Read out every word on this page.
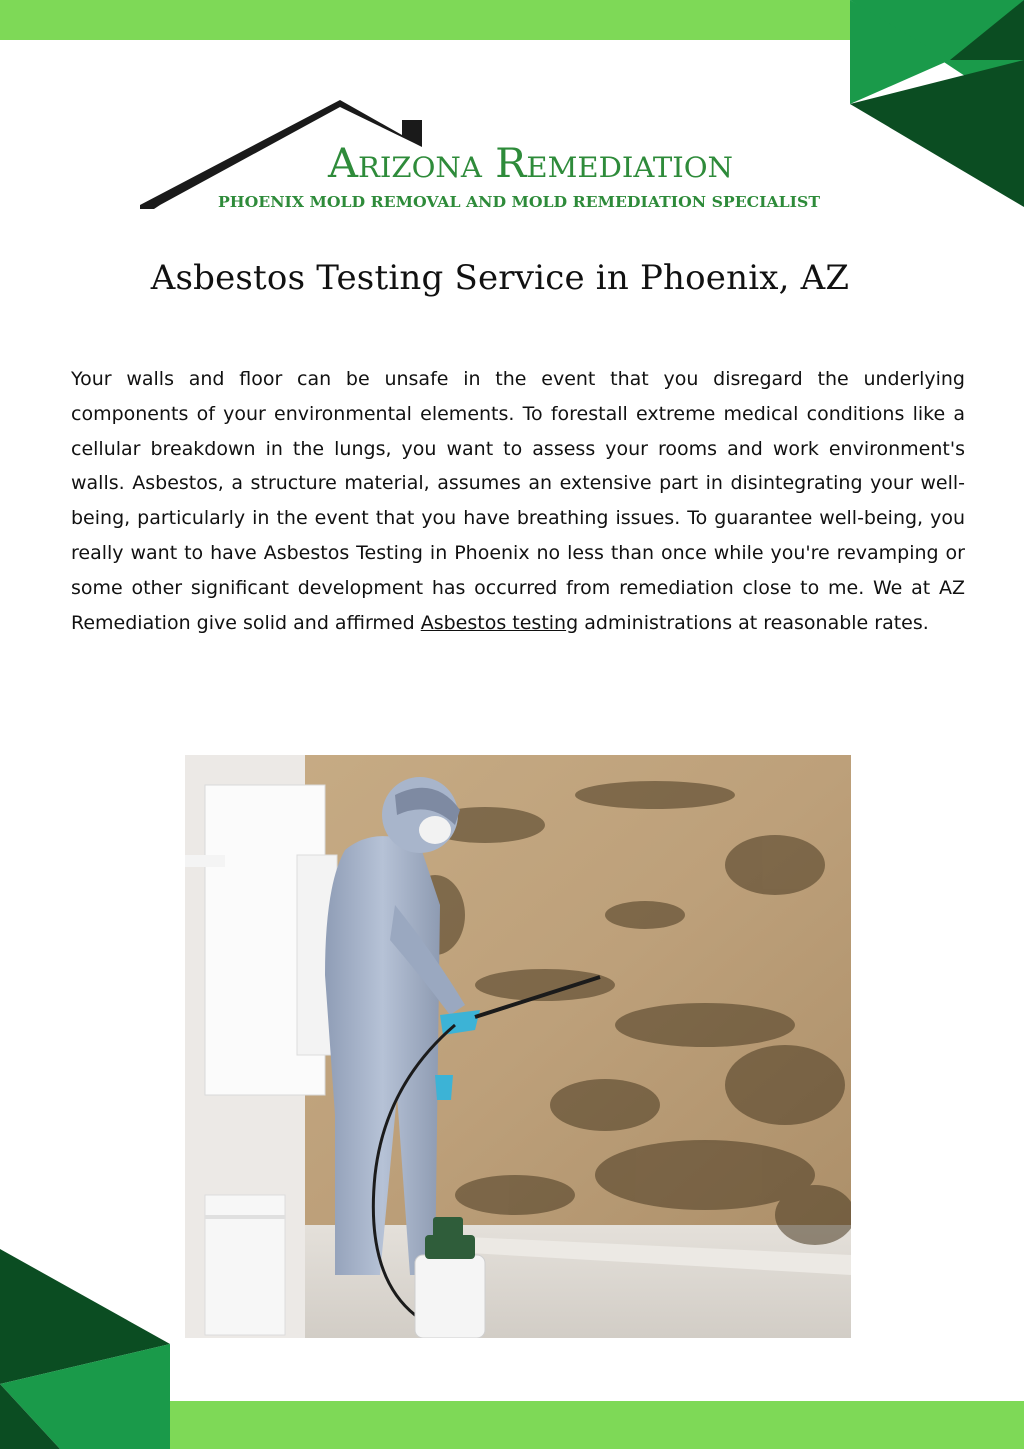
Arizona Remediation
PHOENIX MOLD REMOVAL AND MOLD REMEDIATION SPECIALIST
Asbestos Testing Service in Phoenix, AZ

Your walls and floor can be unsafe in the event that you disregard the underlying components of your environmental elements. To forestall extreme medical conditions like a cellular breakdown in the lungs, you want to assess your rooms and work environment's walls. Asbestos, a structure material, assumes an extensive part in disintegrating your well-being, particularly in the event that you have breathing issues. To guarantee well-being, you really want to have Asbestos Testing in Phoenix no less than once while you're revamping or some other significant development has occurred from remediation close to me. We at AZ Remediation give solid and affirmed Asbestos testing administrations at reasonable rates.
